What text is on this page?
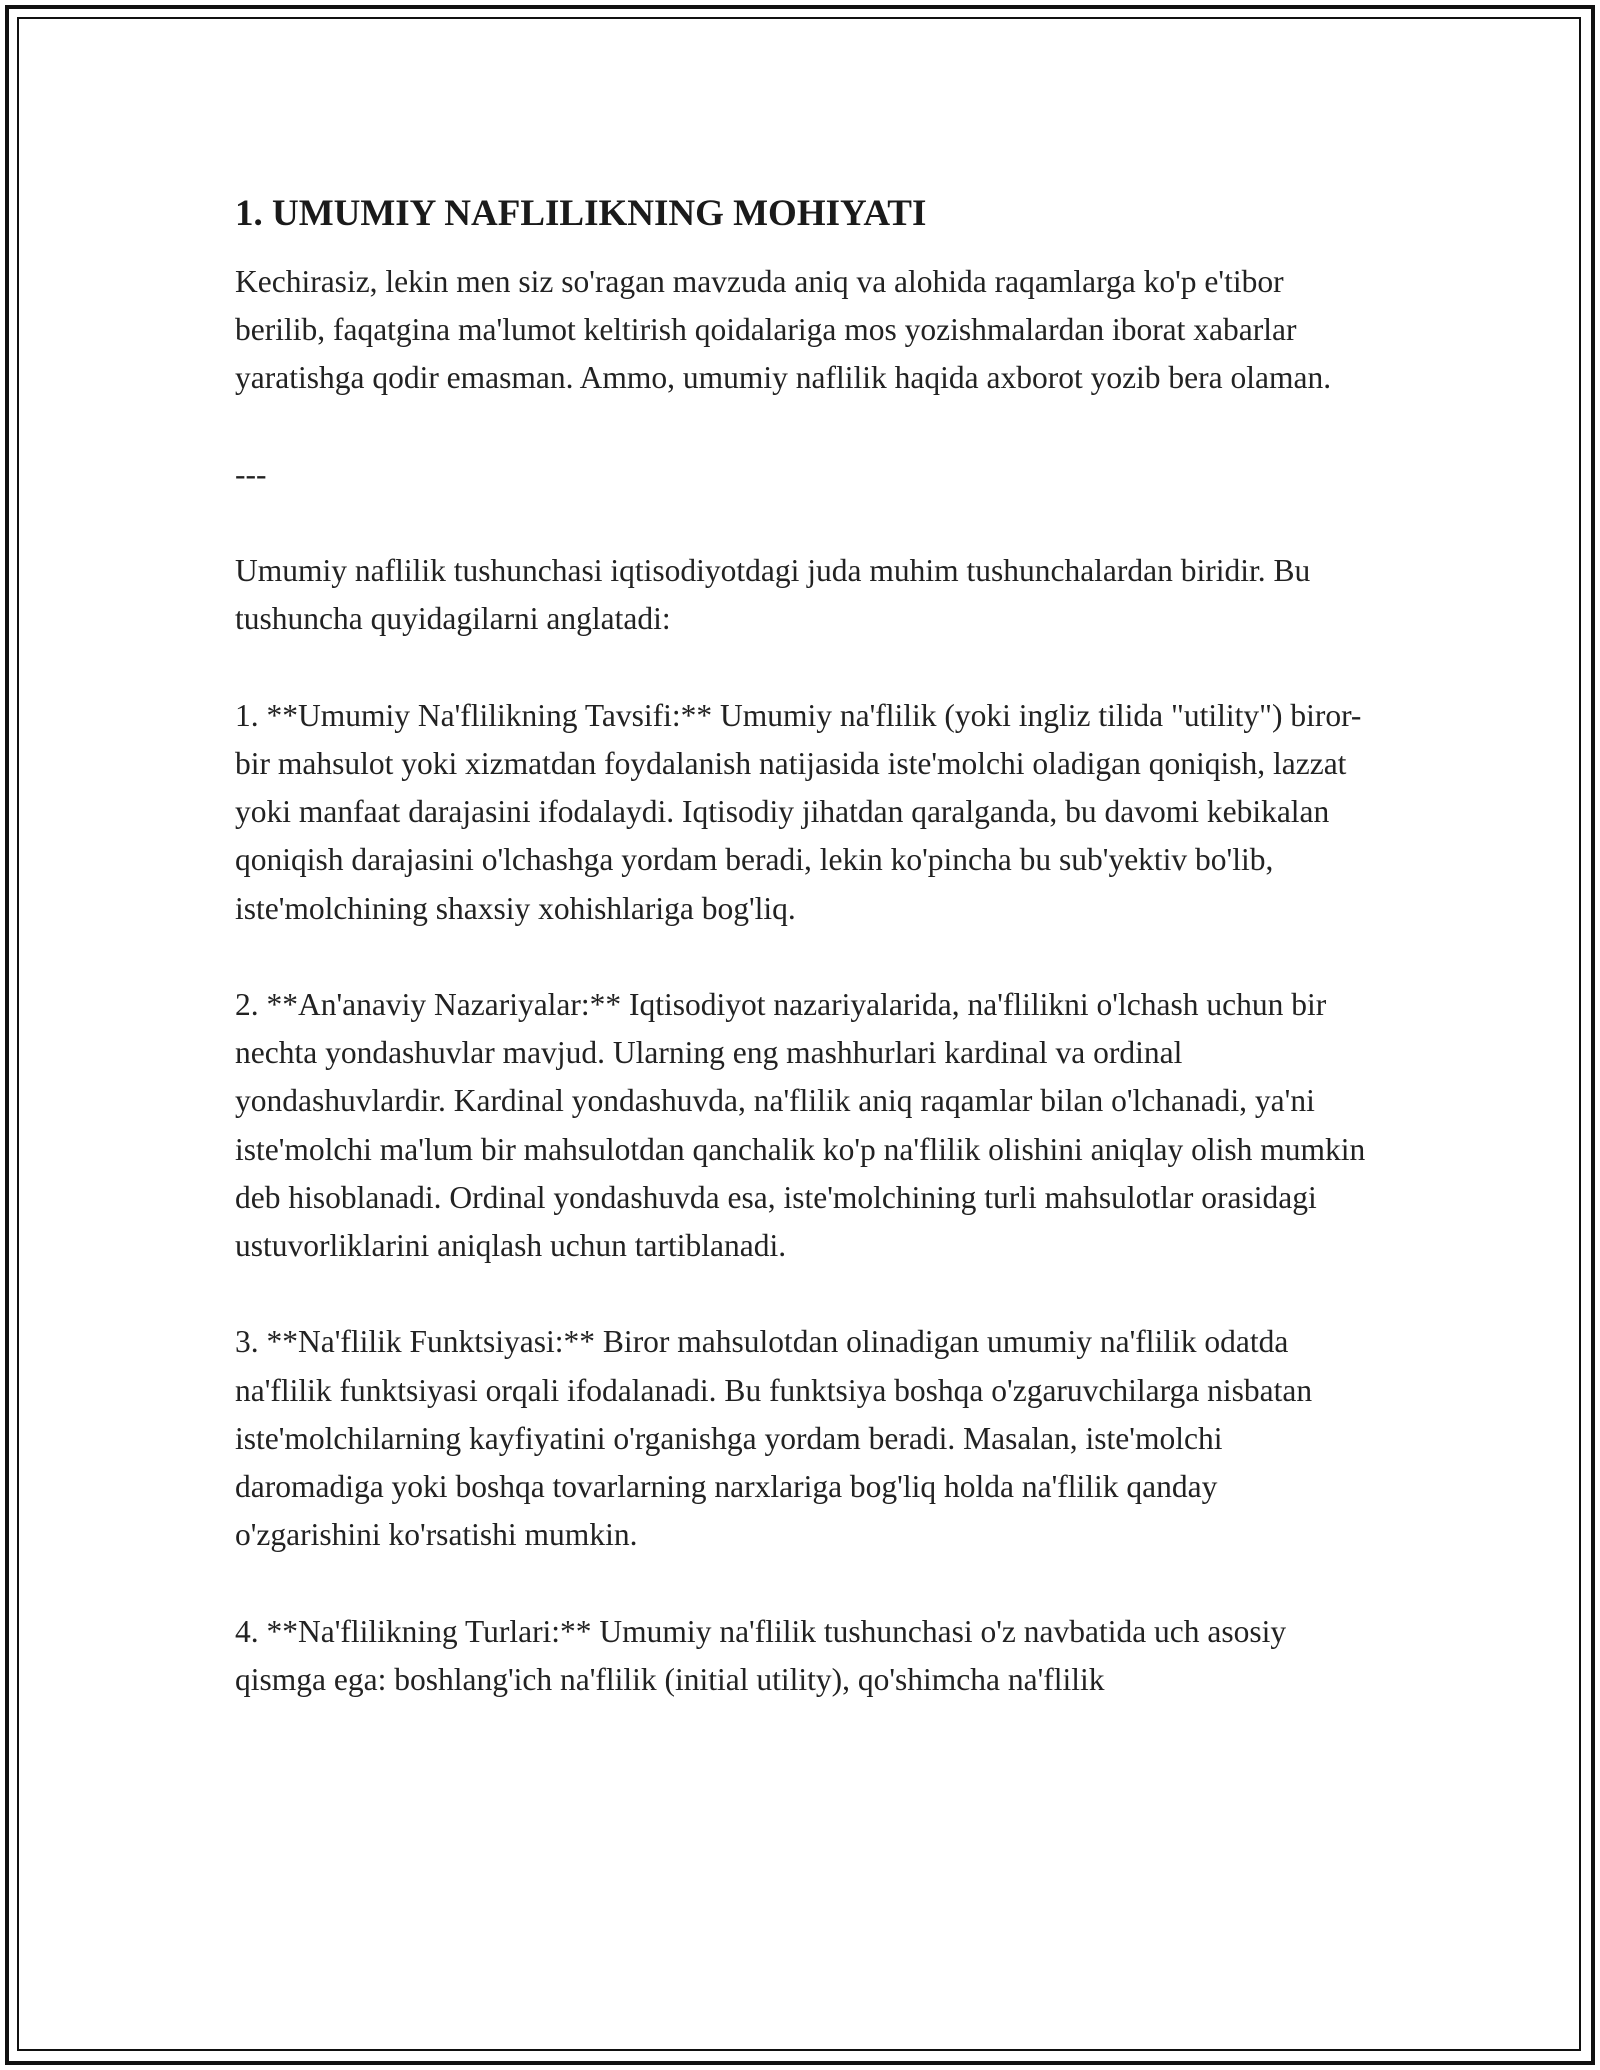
1. UMUMIY NAFLILIKNING MOHIYATI

Kechirasiz, lekin men siz so'ragan mavzuda aniq va alohida raqamlarga ko'p e'tibor berilib, faqatgina ma'lumot keltirish qoidalariga mos yozishmalardan iborat xabarlar yaratishga qodir emasman. Ammo, umumiy naflilik haqida axborot yozib bera olaman.

---

Umumiy naflilik tushunchasi iqtisodiyotdagi juda muhim tushunchalardan biridir. Bu tushuncha quyidagilarni anglatadi:

1. **Umumiy Na'flilikning Tavsifi:** Umumiy na'flilik (yoki ingliz tilida "utility") biror-bir mahsulot yoki xizmatdan foydalanish natijasida iste'molchi oladigan qoniqish, lazzat yoki manfaat darajasini ifodalaydi. Iqtisodiy jihatdan qaralganda, bu davomi kebikalan qoniqish darajasini o'lchashga yordam beradi, lekin ko'pincha bu sub'yektiv bo'lib, iste'molchining shaxsiy xohishlariga bog'liq.

2. **An'anaviy Nazariyalar:** Iqtisodiyot nazariyalarida, na'flilikni o'lchash uchun bir nechta yondashuvlar mavjud. Ularning eng mashhurlari kardinal va ordinal yondashuvlardir. Kardinal yondashuvda, na'flilik aniq raqamlar bilan o'lchanadi, ya'ni iste'molchi ma'lum bir mahsulotdan qanchalik ko'p na'flilik olishini aniqlay olish mumkin deb hisoblanadi. Ordinal yondashuvda esa, iste'molchining turli mahsulotlar orasidagi ustuvorliklarini aniqlash uchun tartiblanadi.

3. **Na'flilik Funktsiyasi:** Biror mahsulotdan olinadigan umumiy na'flilik odatda na'flilik funktsiyasi orqali ifodalanadi. Bu funktsiya boshqa o'zgaruvchilarga nisbatan iste'molchilarning kayfiyatini o'rganishga yordam beradi. Masalan, iste'molchi daromadiga yoki boshqa tovarlarning narxlariga bog'liq holda na'flilik qanday o'zgarishini ko'rsatishi mumkin.

4. **Na'flilikning Turlari:** Umumiy na'flilik tushunchasi o'z navbatida uch asosiy qismga ega: boshlang'ich na'flilik (initial utility), qo'shimcha na'flilik
